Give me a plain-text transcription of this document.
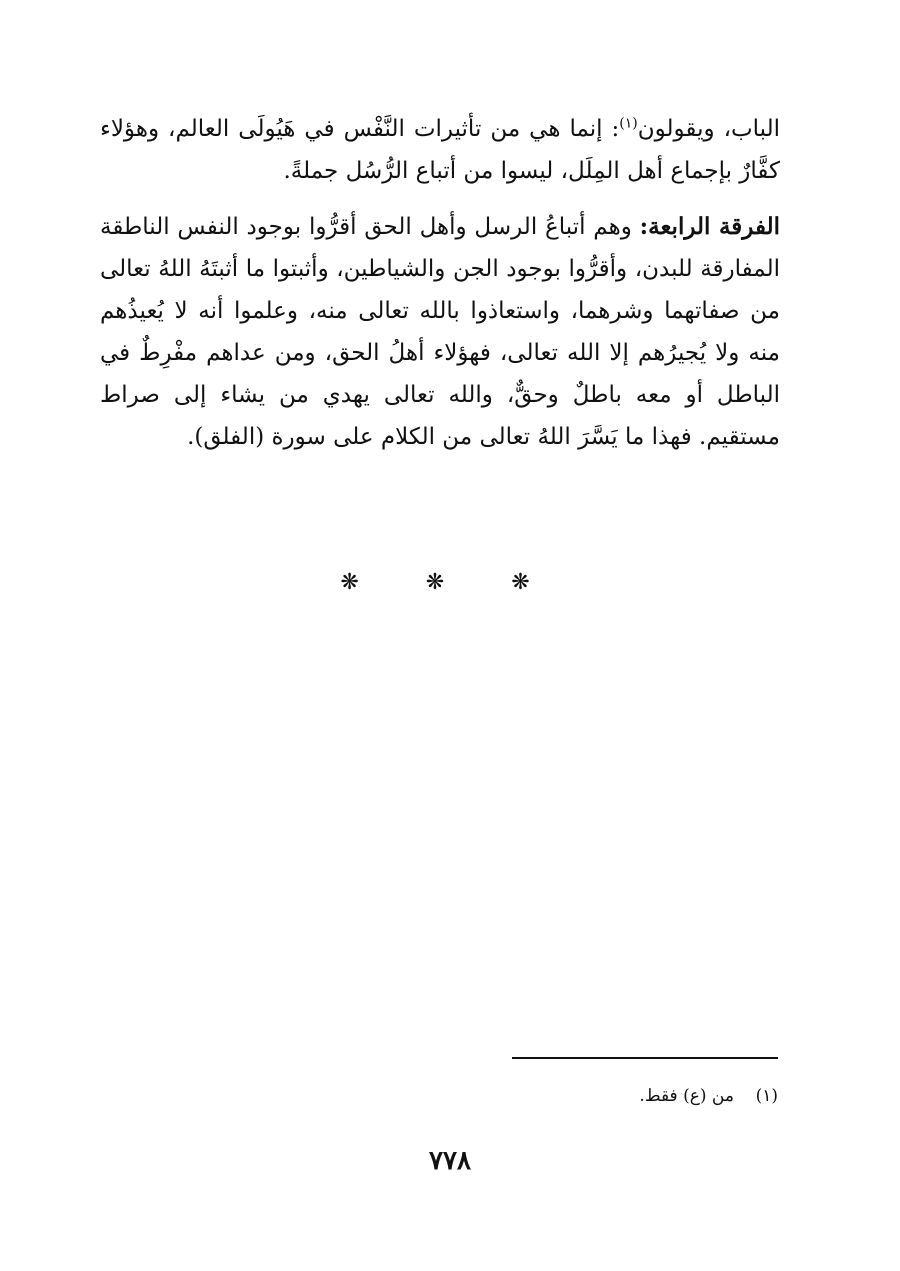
الباب، ويقولون$^{(١)}$: إنما هي من تأثيرات النَّفْس في هَيُولَى العالم، وهؤلاء كفَّارٌ بإجماع أهل المِلَل، ليسوا من أتباع الرُّسُل جملةً.

الفرقة الرابعة: وهم أتباعُ الرسل وأهل الحق أقرُّوا بوجود النفس الناطقة المفارقة للبدن، وأقرُّوا بوجود الجن والشياطين، وأثبتوا ما أثبتَهُ اللهُ تعالى من صفاتهما وشرهما، واستعاذوا بالله تعالى منه، وعلموا أنه لا يُعيذُهم منه ولا يُجيرُهم إلا الله تعالى، فهؤلاء أهلُ الحق، ومن عداهم مفْرِطٌ في الباطل أو معه باطلٌ وحقٌّ، والله تعالى يهدي من يشاء إلى صراط مستقيم. فهذا ما يَسَّرَ اللهُ تعالى من الكلام على سورة (الفلق).

❋ ❋ ❋
(١)    من (ع) فقط.
٧٧٨
